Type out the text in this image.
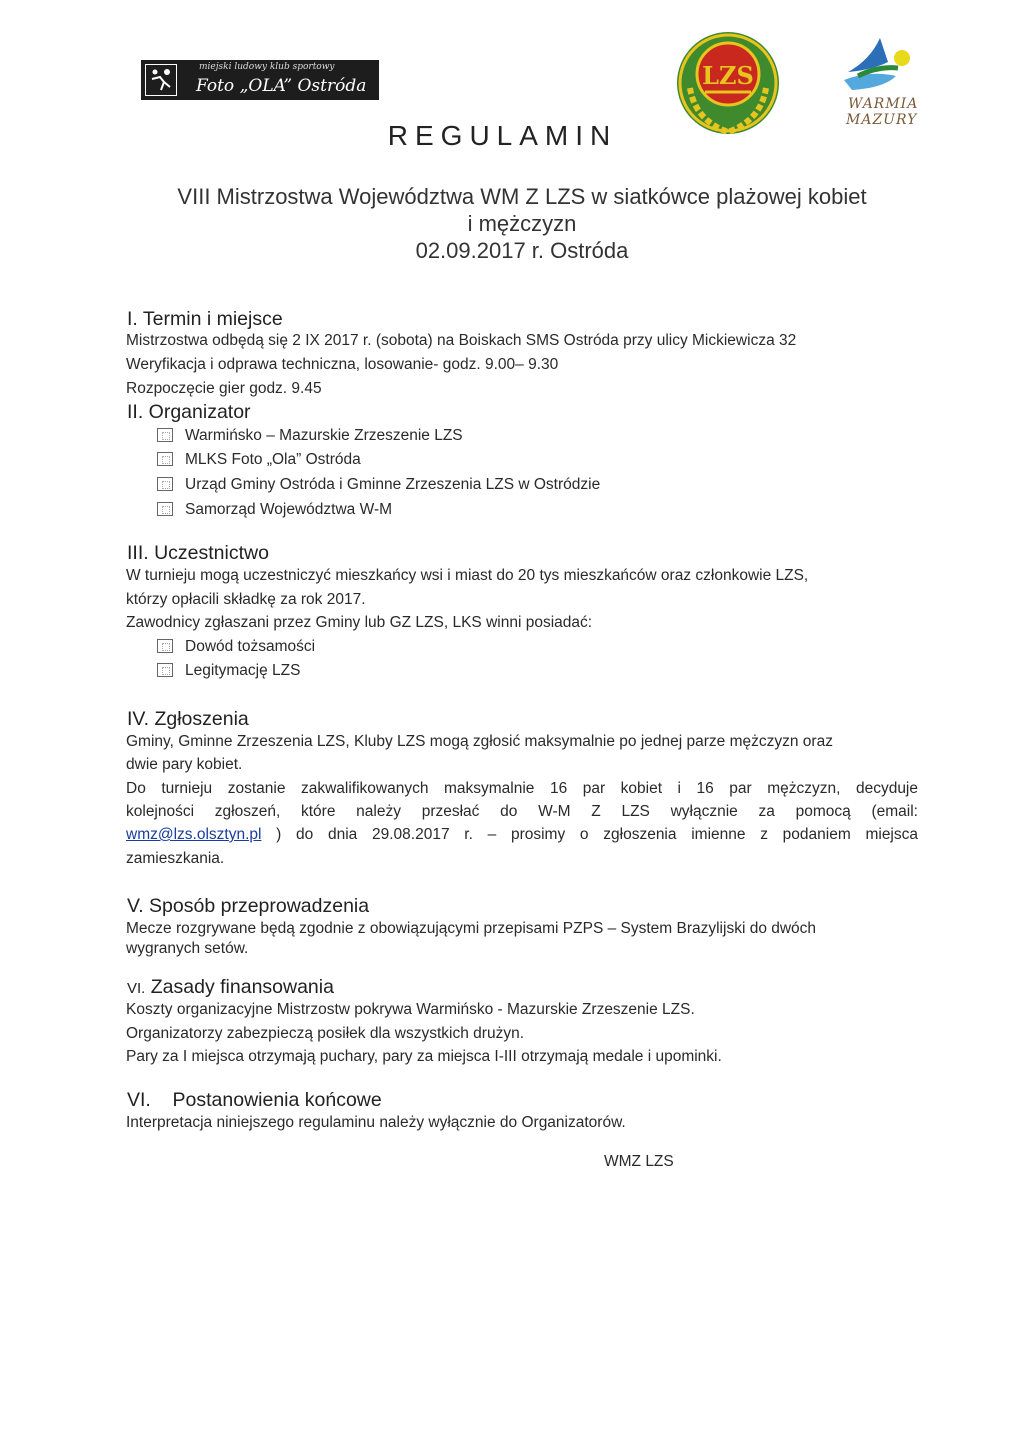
miejski ludowy klub sportowy
Foto „OLA” Ostróda	LZS
WARMIA
MAZURY
REGULAMIN
VIII Mistrzostwa Województwa WM Z LZS w siatkówce plażowej kobiet
i mężczyzn
02.09.2017 r. Ostróda
I. Termin i miejsce
Mistrzostwa odbędą się 2 IX 2017 r. (sobota) na Boiskach SMS Ostróda przy ulicy Mickiewicza 32
Weryfikacja i odprawa techniczna, losowanie- godz. 9.00– 9.30
Rozpoczęcie gier godz. 9.45
II. Organizator
Warmińsko – Mazurskie Zrzeszenie LZS
MLKS Foto „Ola” Ostróda
Urząd Gminy Ostróda i Gminne Zrzeszenia LZS w Ostródzie
Samorząd Województwa W-M
III. Uczestnictwo
W turnieju mogą uczestniczyć mieszkańcy wsi i miast do 20 tys mieszkańców oraz członkowie LZS,
którzy opłacili składkę za rok 2017.
Zawodnicy zgłaszani przez Gminy lub GZ LZS, LKS winni posiadać:
Dowód tożsamości
Legitymację LZS
IV. Zgłoszenia
Gminy, Gminne Zrzeszenia LZS, Kluby LZS mogą zgłosić maksymalnie po jednej parze mężczyzn oraz
dwie pary kobiet.
Do turnieju zostanie zakwalifikowanych maksymalnie 16 par kobiet i 16 par mężczyzn, decyduje
kolejności zgłoszeń, które należy przesłać do W-M Z LZS wyłącznie za pomocą (email:
wmz@lzs.olsztyn.pl ) do dnia 29.08.2017 r. – prosimy o zgłoszenia imienne z podaniem miejsca
zamieszkania.
V. Sposób przeprowadzenia
Mecze rozgrywane będą zgodnie z obowiązującymi przepisami PZPS – System Brazylijski do dwóch
wygranych setów.
VI. Zasady finansowania
Koszty organizacyjne Mistrzostw pokrywa Warmińsko - Mazurskie Zrzeszenie LZS.
Organizatorzy zabezpieczą posiłek dla wszystkich drużyn.
Pary za I miejsca otrzymają puchary, pary za miejsca I-III otrzymają medale i upominki.
VI.    Postanowienia końcowe
Interpretacja niniejszego regulaminu należy wyłącznie do Organizatorów.
WMZ LZS
